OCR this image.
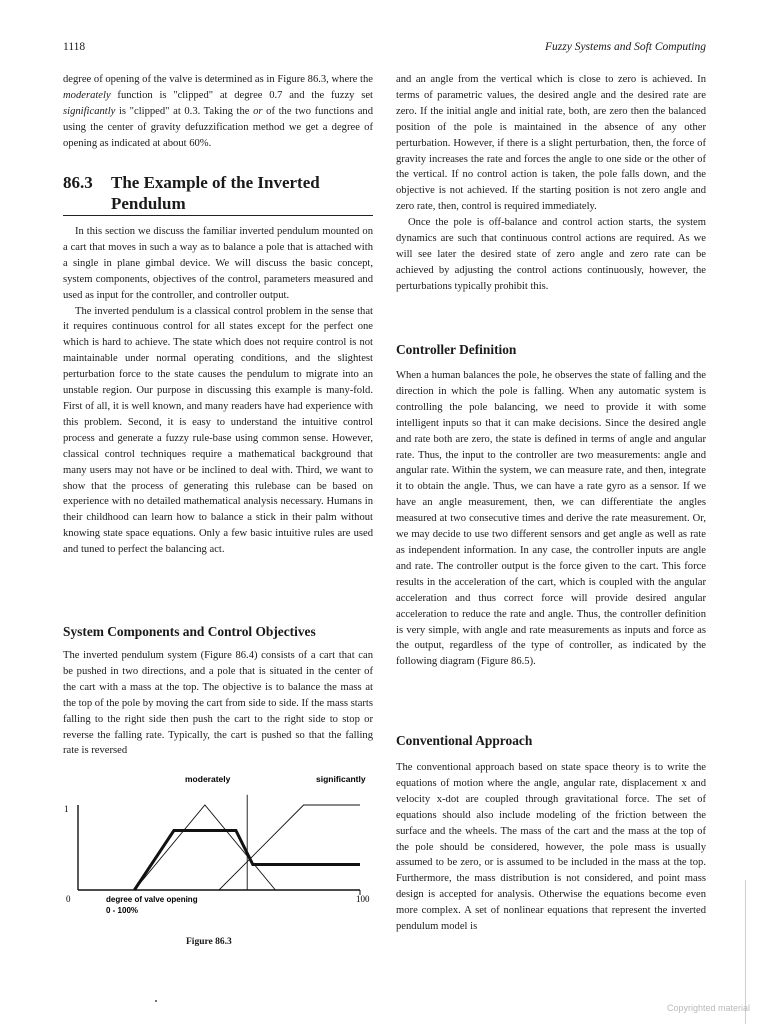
1118	Fuzzy Systems and Soft Computing

degree of opening of the valve is determined as in Figure 86.3, where the moderately function is "clipped" at degree 0.7 and the fuzzy set significantly is "clipped" at 0.3. Taking the or of the two functions and using the center of gravity defuzzification method we get a degree of opening as indicated at about 60%.

86.3 The Example of the Inverted
Pendulum

In this section we discuss the familiar inverted pendulum mounted on a cart that moves in such a way as to balance a pole that is attached with a single in plane gimbal device. We will discuss the basic concept, system components, objectives of the control, parameters measured and used as input for the controller, and controller output.

The inverted pendulum is a classical control problem in the sense that it requires continuous control for all states except for the perfect one which is hard to achieve. The state which does not require control is not maintainable under normal operating conditions, and the slightest perturbation force to the state causes the pendulum to migrate into an unstable region. Our purpose in discussing this example is many-fold. First of all, it is well known, and many readers have had experience with this problem. Second, it is easy to understand the intuitive control process and generate a fuzzy rule-base using common sense. However, classical control techniques require a mathematical background that many users may not have or be inclined to deal with. Third, we want to show that the process of generating this rulebase can be based on experience with no detailed mathematical analysis necessary. Humans in their childhood can learn how to balance a stick in their palm without knowing state space equations. Only a few basic intuitive rules are used and tuned to perfect the balancing act.

System Components and Control Objectives

The inverted pendulum system (Figure 86.4) consists of a cart that can be pushed in two directions, and a pole that is situated in the center of the cart with a mass at the top. The objective is to balance the mass at the top of the pole by moving the cart from side to side. If the mass starts falling to the right side then push the cart to the right side to stop or reverse the falling rate. Typically, the cart is pushed so that the falling rate is reversed

moderately	significantly
1
0	100
degree of valve opening
0 - 100%
Figure 86.3

and an angle from the vertical which is close to zero is achieved. In terms of parametric values, the desired angle and the desired rate are zero. If the initial angle and initial rate, both, are zero then the balanced position of the pole is maintained in the absence of any other perturbation. However, if there is a slight perturbation, then, the force of gravity increases the rate and forces the angle to one side or the other of the vertical. If no control action is taken, the pole falls down, and the objective is not achieved. If the starting position is not zero angle and zero rate, then, control is required immediately.

Once the pole is off-balance and control action starts, the system dynamics are such that continuous control actions are required. As we will see later the desired state of zero angle and zero rate can be achieved by adjusting the control actions continuously, however, the perturbations typically prohibit this.

Controller Definition

When a human balances the pole, he observes the state of falling and the direction in which the pole is falling. When any automatic system is controlling the pole balancing, we need to provide it with some intelligent inputs so that it can make decisions. Since the desired angle and rate both are zero, the state is defined in terms of angle and angular rate. Thus, the input to the controller are two measurements: angle and angular rate. Within the system, we can measure rate, and then, integrate it to obtain the angle. Thus, we can have a rate gyro as a sensor. If we have an angle measurement, then, we can differentiate the angles measured at two consecutive times and derive the rate measurement. Or, we may decide to use two different sensors and get angle as well as rate as independent information. In any case, the controller inputs are angle and rate. The controller output is the force given to the cart. This force results in the acceleration of the cart, which is coupled with the angular acceleration and thus correct force will provide desired angular acceleration to reduce the rate and angle. Thus, the controller definition is very simple, with angle and rate measurements as inputs and force as the output, regardless of the type of controller, as indicated by the following diagram (Figure 86.5).

Conventional Approach

The conventional approach based on state space theory is to write the equations of motion where the angle, angular rate, displacement x and velocity x-dot are coupled through gravitational force. The set of equations should also include modeling of the friction between the surface and the wheels. The mass of the cart and the mass at the top of the pole should be considered, however, the pole mass is usually assumed to be zero, or is assumed to be included in the mass at the top. Furthermore, the mass distribution is not considered, and point mass design is accepted for analysis. Otherwise the equations become even more complex. A set of nonlinear equations that represent the inverted pendulum model is

Copyrighted material
